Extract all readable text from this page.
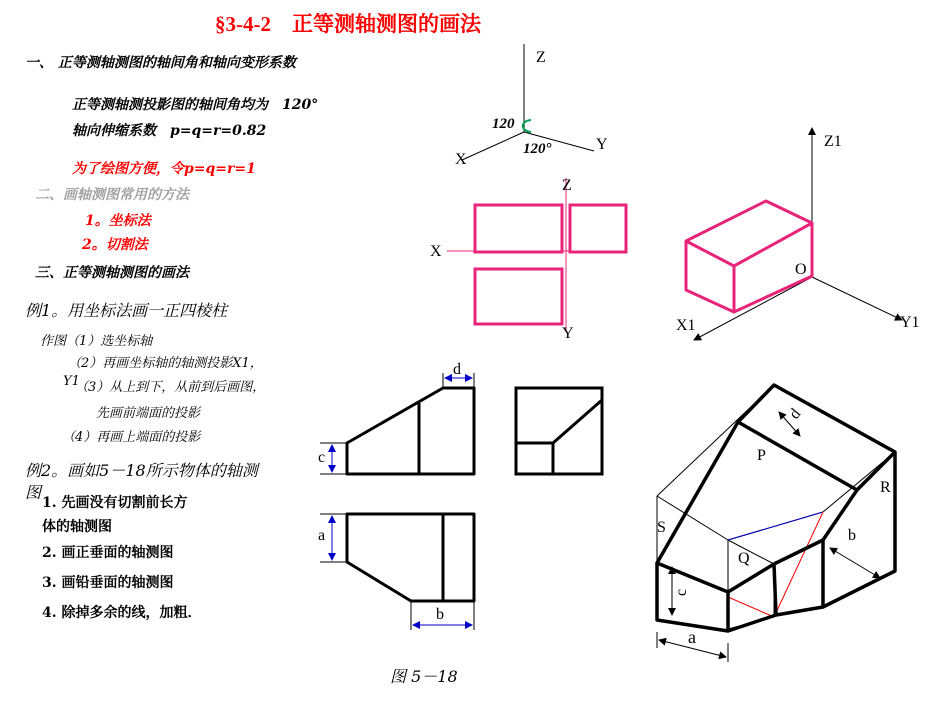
§3-4-2　正等测轴测图的画法
一、 正等测轴测图的轴间角和轴向变形系数
正等测轴测投影图的轴间角均为　120°
轴向伸缩系数　p=q=r=0.82
为了绘图方便，令p=q=r=1
二、画轴测图常用的方法
1。坐标法
2。切割法
三、正等测轴测图的画法
例1。用坐标法画一正四棱柱
作图（1）选坐标轴
（2）再画坐标轴的轴测投影X1，
Y1
（3）从上到下，从前到后画图，
先画前端面的投影
（4）再画上端面的投影
例2。画如5－18所示物体的轴测
图
1. 先画没有切割前长方
体的轴测图
2. 画正垂面的轴测图
3. 画铅垂面的轴测图
4. 除掉多余的线，加粗．
图 5－18
Z
X
Y
120
120°
Z
X
Y
Z1
X1	Y1
O
d
c
a
b
P
R
S
Q
c
a
b
d
